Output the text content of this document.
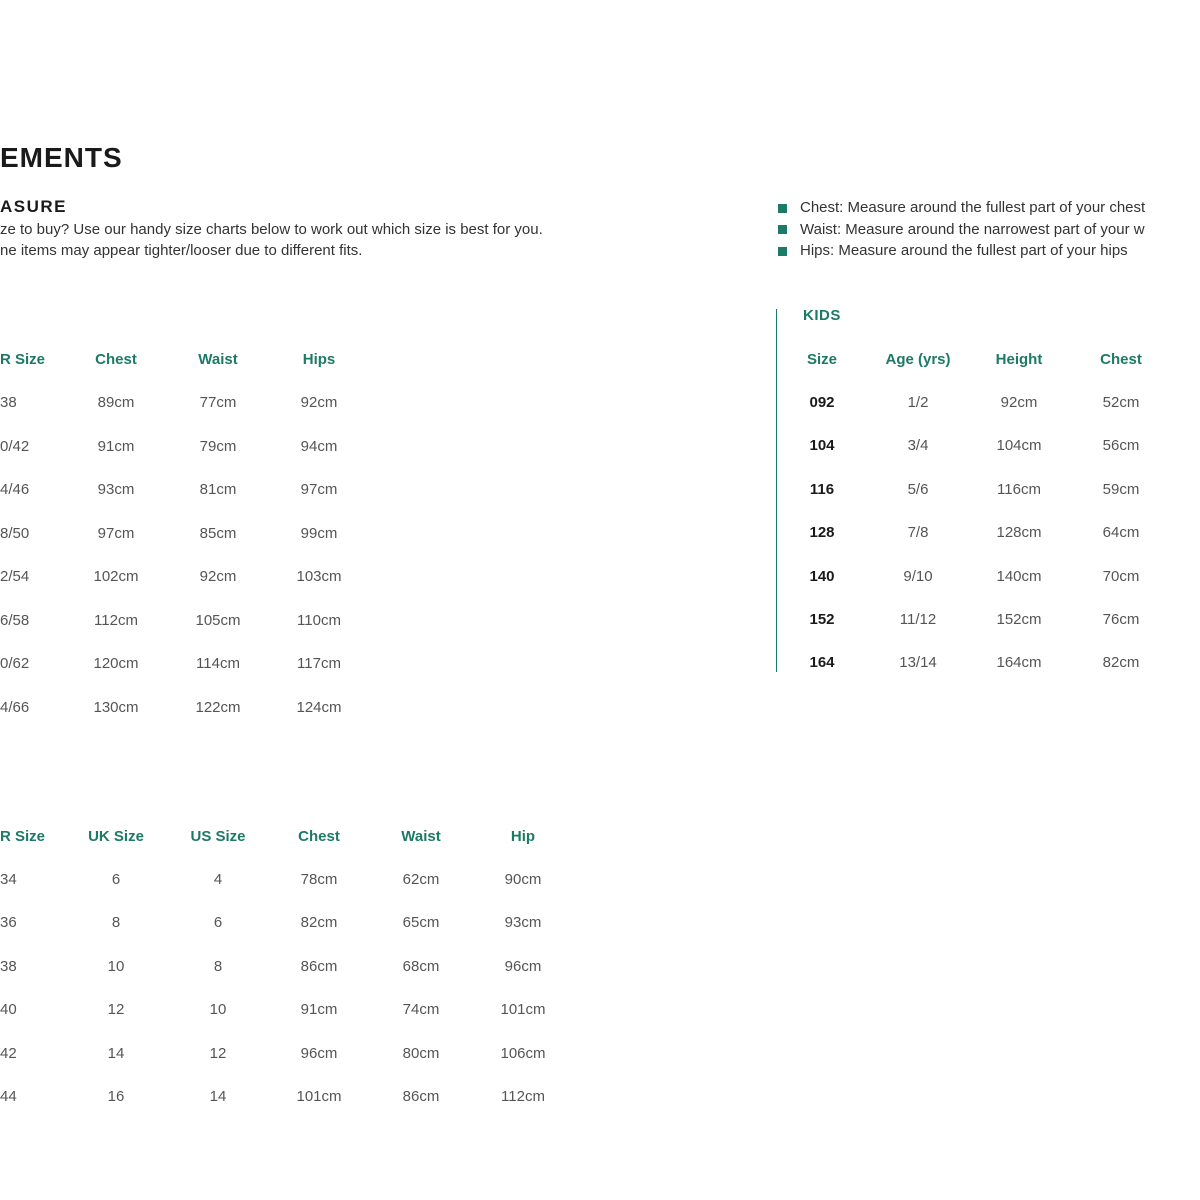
EMENTS
ASURE
ze to buy? Use our handy size charts below to work out which size is best for you.
ne items may appear tighter/looser due to different fits.
Chest: Measure around the fullest part of your chest
Waist: Measure around the narrowest part of your w
Hips: Measure around the fullest part of your hips
KIDS
R Size	Chest	Waist	Hips
38	89cm	77cm	92cm
0/42	91cm	79cm	94cm
4/46	93cm	81cm	97cm
8/50	97cm	85cm	99cm
2/54	102cm	92cm	103cm
6/58	112cm	105cm	110cm
0/62	120cm	114cm	117cm
4/66	130cm	122cm	124cm
R Size	UK Size	US Size	Chest	Waist	Hip
34	6	4	78cm	62cm	90cm
36	8	6	82cm	65cm	93cm
38	10	8	86cm	68cm	96cm
40	12	10	91cm	74cm	101cm
42	14	12	96cm	80cm	106cm
44	16	14	101cm	86cm	112cm
Size	Age (yrs)	Height	Chest
092	1/2	92cm	52cm
104	3/4	104cm	56cm
116	5/6	116cm	59cm
128	7/8	128cm	64cm
140	9/10	140cm	70cm
152	11/12	152cm	76cm
164	13/14	164cm	82cm
